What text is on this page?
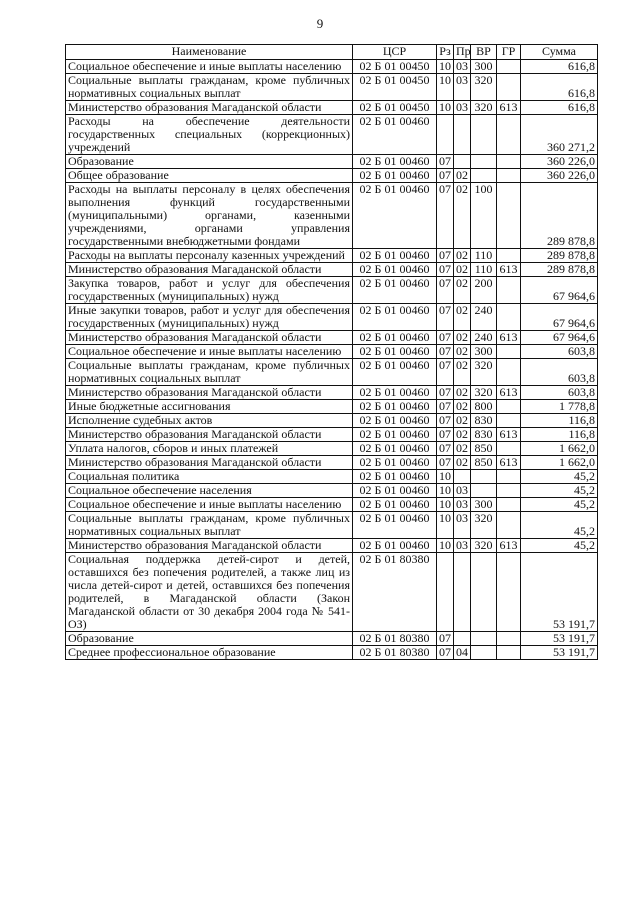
9
Наименование	ЦСР	Рз	Пр	ВР	ГР	Сумма
Социальное обеспечение и иные выплаты населению	02 Б 01 00450	10	03	300		616,8
Социальные выплаты гражданам, кроме публичных нормативных социальных выплат	02 Б 01 00450	10	03	320		616,8
Министерство образования Магаданской области	02 Б 01 00450	10	03	320	613	616,8
Расходы на обеспечение деятельности государственных специальных (коррекционных) учреждений	02 Б 01 00460					360 271,2
Образование	02 Б 01 00460	07				360 226,0
Общее образование	02 Б 01 00460	07	02			360 226,0
Расходы на выплаты персоналу в целях обеспечения выполнения функций государственными (муниципальными) органами, казенными учреждениями, органами управления государственными внебюджетными фондами	02 Б 01 00460	07	02	100		289 878,8
Расходы на выплаты персоналу казенных учреждений	02 Б 01 00460	07	02	110		289 878,8
Министерство образования Магаданской области	02 Б 01 00460	07	02	110	613	289 878,8
Закупка товаров, работ и услуг для обеспечения государственных (муниципальных) нужд	02 Б 01 00460	07	02	200		67 964,6
Иные закупки товаров, работ и услуг для обеспечения государственных (муниципальных) нужд	02 Б 01 00460	07	02	240		67 964,6
Министерство образования Магаданской области	02 Б 01 00460	07	02	240	613	67 964,6
Социальное обеспечение и иные выплаты населению	02 Б 01 00460	07	02	300		603,8
Социальные выплаты гражданам, кроме публичных нормативных социальных выплат	02 Б 01 00460	07	02	320		603,8
Министерство образования Магаданской области	02 Б 01 00460	07	02	320	613	603,8
Иные бюджетные ассигнования	02 Б 01 00460	07	02	800		1 778,8
Исполнение судебных актов	02 Б 01 00460	07	02	830		116,8
Министерство образования Магаданской области	02 Б 01 00460	07	02	830	613	116,8
Уплата налогов, сборов и иных платежей	02 Б 01 00460	07	02	850		1 662,0
Министерство образования Магаданской области	02 Б 01 00460	07	02	850	613	1 662,0
Социальная политика	02 Б 01 00460	10				45,2
Социальное обеспечение населения	02 Б 01 00460	10	03			45,2
Социальное обеспечение и иные выплаты населению	02 Б 01 00460	10	03	300		45,2
Социальные выплаты гражданам, кроме публичных нормативных социальных выплат	02 Б 01 00460	10	03	320		45,2
Министерство образования Магаданской области	02 Б 01 00460	10	03	320	613	45,2
Социальная поддержка детей-сирот и детей, оставшихся без попечения родителей, а также лиц из числа детей-сирот и детей, оставшихся без попечения родителей, в Магаданской области (Закон Магаданской области от 30 декабря 2004 года № 541-ОЗ)	02 Б 01 80380					53 191,7
Образование	02 Б 01 80380	07				53 191,7
Среднее профессиональное образование	02 Б 01 80380	07	04			53 191,7
